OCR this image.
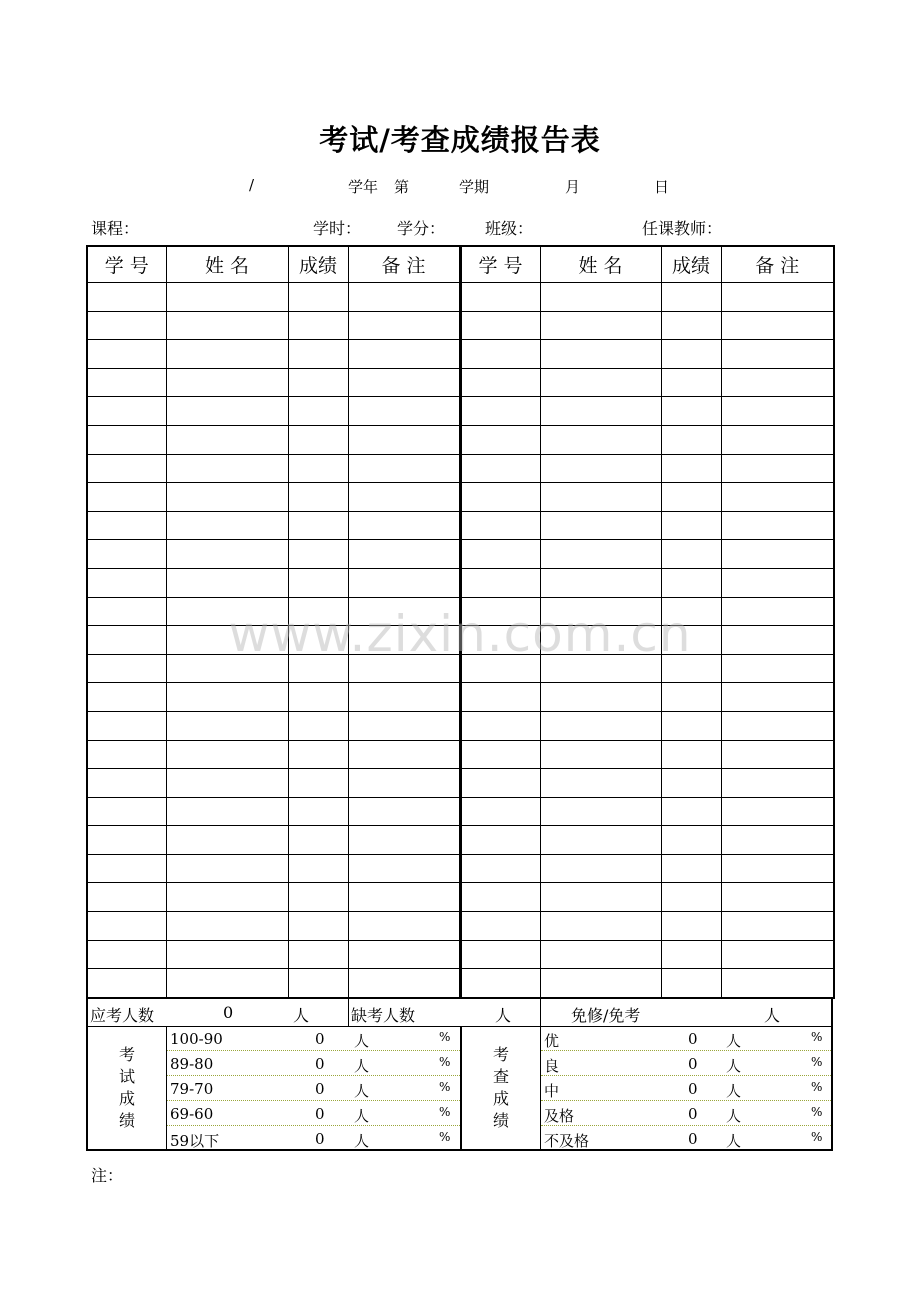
考试/考查成绩报告表
/	学年 第	学期	月	日
课程：	学时： 学分： 班级：	任课教师：
学 号	姓 名	成绩	备 注	学 号	姓 名	成绩	备 注

应考人数	0	人	缺考人数	人	免修/免考	人
考
试
成
绩
考
查
成
绩
100-90	0 人	%
89-80	0 人	%
79-70	0 人	%
69-60	0 人	%
59以下	0 人	%
优	0 人	%
良	0 人	%
中	0 人	%
及格	0 人	%
不及格	0 人	%
注：
www.zixin.com.cn
